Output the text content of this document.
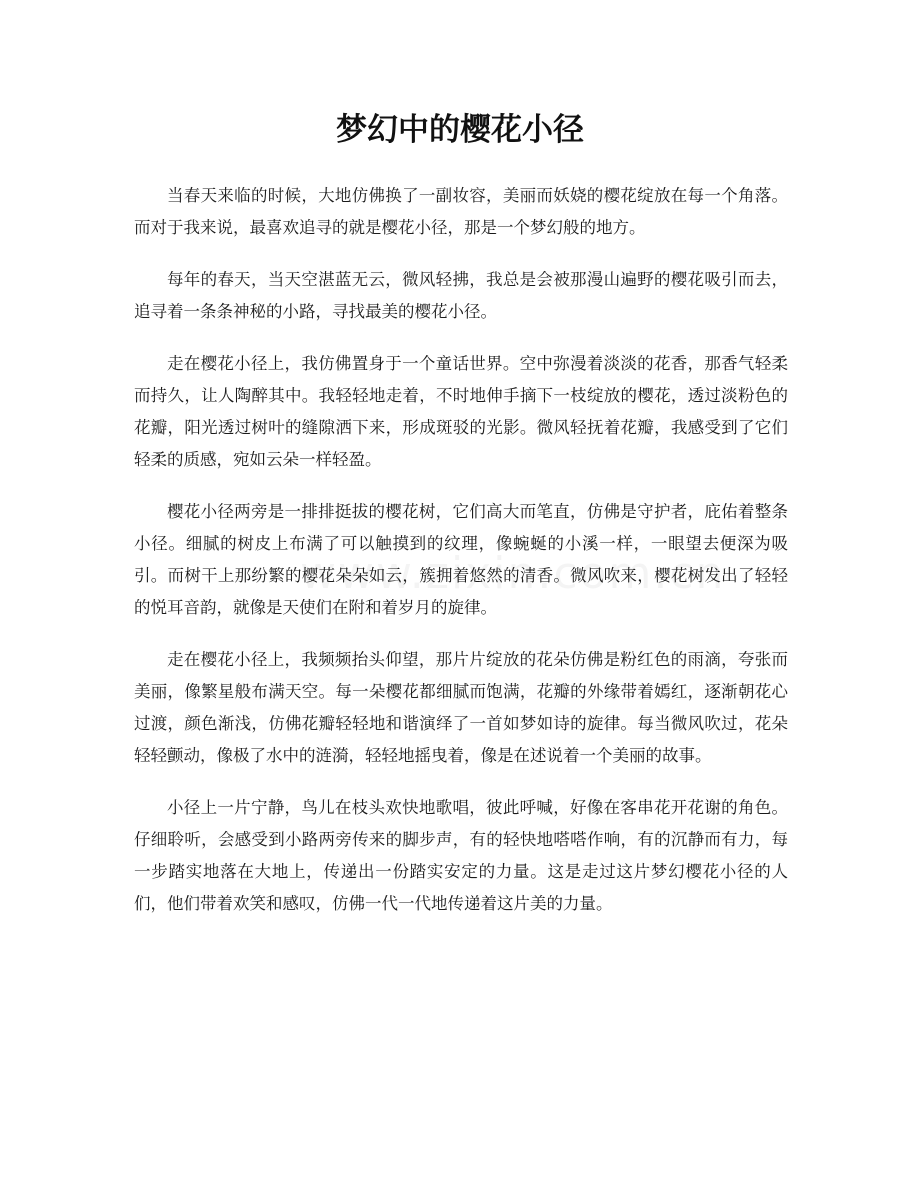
梦幻中的樱花小径

当春天来临的时候，大地仿佛换了一副妆容，美丽而妖娆的樱花绽放在每一个角落。而对于我来说，最喜欢追寻的就是樱花小径，那是一个梦幻般的地方。

每年的春天，当天空湛蓝无云，微风轻拂，我总是会被那漫山遍野的樱花吸引而去，追寻着一条条神秘的小路，寻找最美的樱花小径。

走在樱花小径上，我仿佛置身于一个童话世界。空中弥漫着淡淡的花香，那香气轻柔而持久，让人陶醉其中。我轻轻地走着，不时地伸手摘下一枝绽放的樱花，透过淡粉色的花瓣，阳光透过树叶的缝隙洒下来，形成斑驳的光影。微风轻抚着花瓣，我感受到了它们轻柔的质感，宛如云朵一样轻盈。

樱花小径两旁是一排排挺拔的樱花树，它们高大而笔直，仿佛是守护者，庇佑着整条小径。细腻的树皮上布满了可以触摸到的纹理，像蜿蜒的小溪一样，一眼望去便深为吸引。而树干上那纷繁的樱花朵朵如云，簇拥着悠然的清香。微风吹来，樱花树发出了轻轻的悦耳音韵，就像是天使们在附和着岁月的旋律。

走在樱花小径上，我频频抬头仰望，那片片绽放的花朵仿佛是粉红色的雨滴，夸张而美丽，像繁星般布满天空。每一朵樱花都细腻而饱满，花瓣的外缘带着嫣红，逐渐朝花心过渡，颜色渐浅，仿佛花瓣轻轻地和谐演绎了一首如梦如诗的旋律。每当微风吹过，花朵轻轻颤动，像极了水中的涟漪，轻轻地摇曳着，像是在述说着一个美丽的故事。

小径上一片宁静，鸟儿在枝头欢快地歌唱，彼此呼喊，好像在客串花开花谢的角色。仔细聆听，会感受到小路两旁传来的脚步声，有的轻快地嗒嗒作响，有的沉静而有力，每一步踏实地落在大地上，传递出一份踏实安定的力量。这是走过这片梦幻樱花小径的人们，他们带着欢笑和感叹，仿佛一代一代地传递着这片美的力量。
